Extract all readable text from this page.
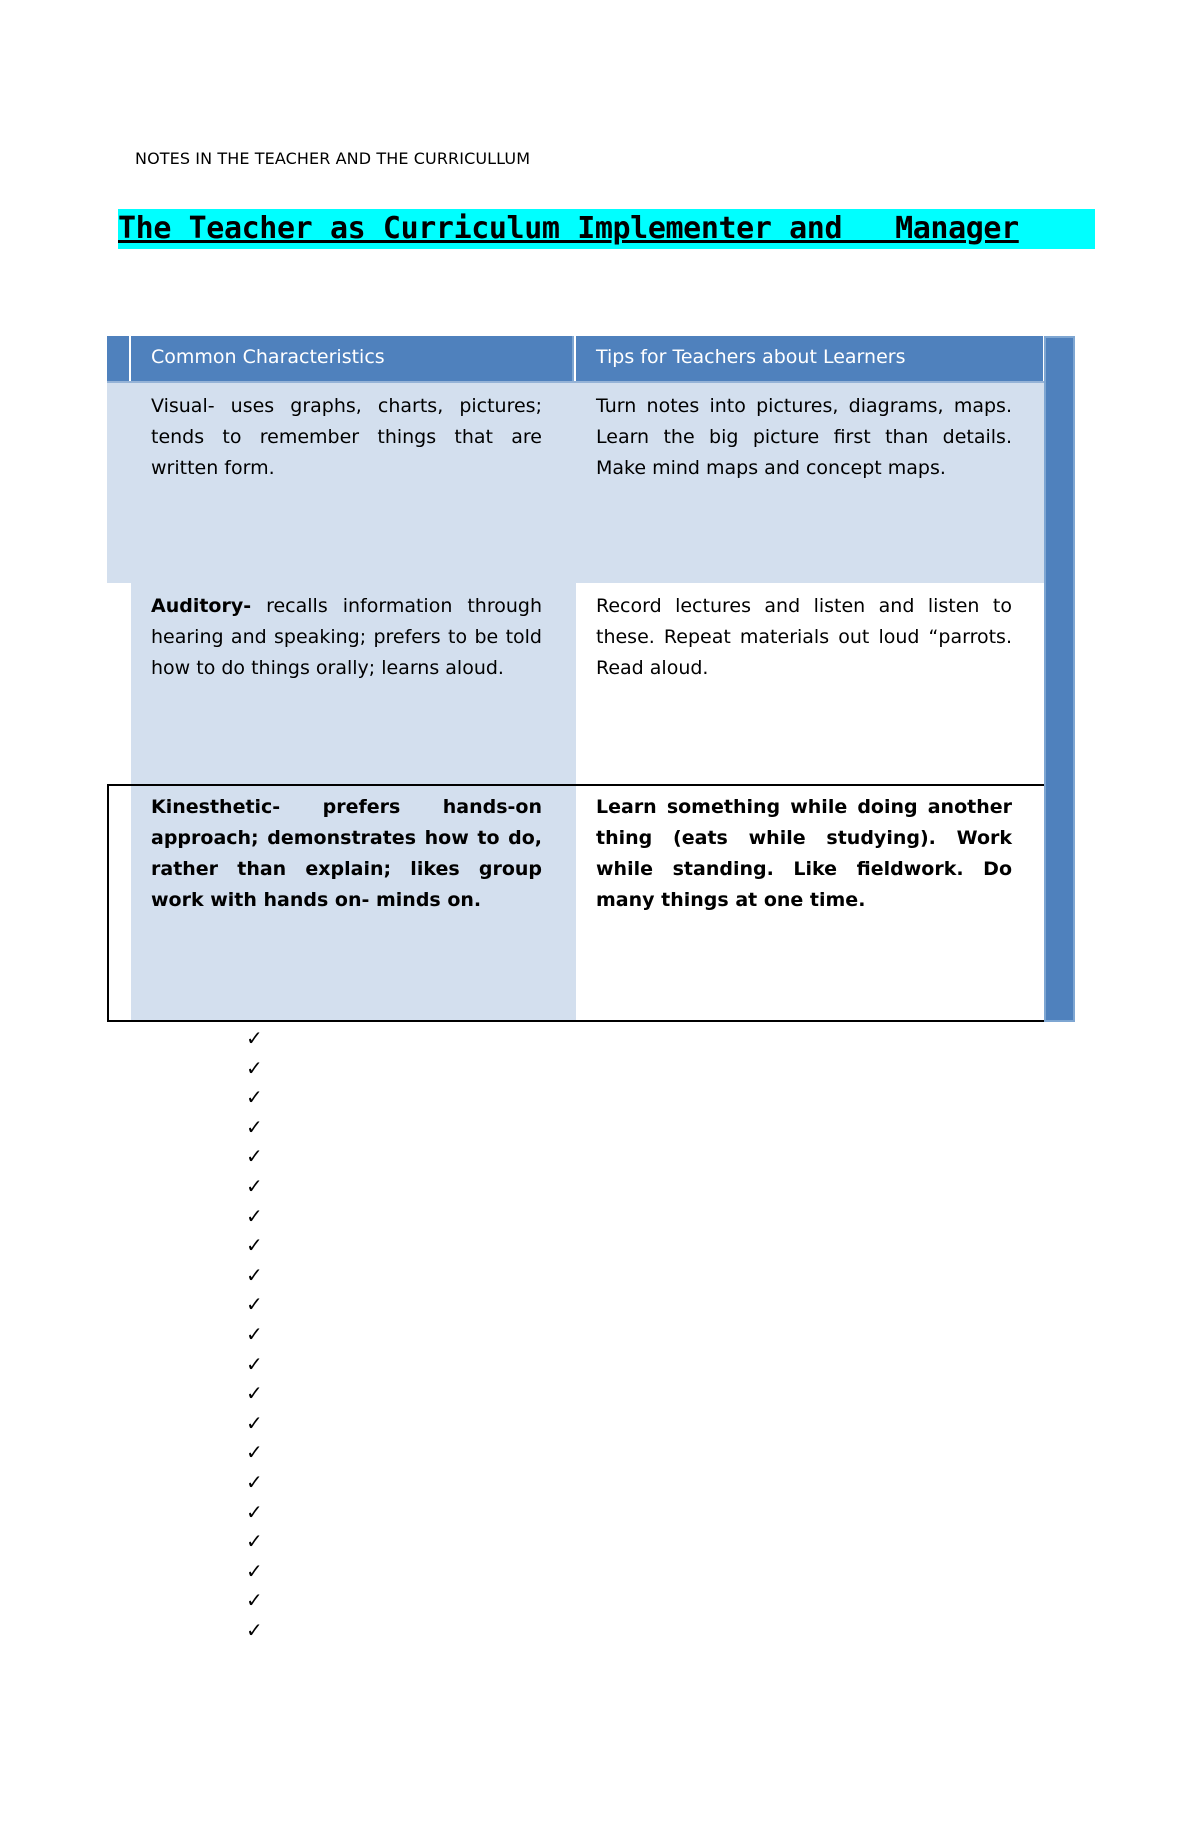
NOTES IN THE TEACHER AND THE CURRICULLUM
The Teacher as Curriculum Implementer and   Manager
Common Characteristics	Tips for Teachers about Learners

Visual- uses graphs, charts, pictures; tends to remember things that are written form.

Turn notes into pictures, diagrams, maps. Learn the big picture first than details. Make mind maps and concept maps.

Auditory- recalls information through hearing and speaking; prefers to be told how to do things orally; learns aloud.

Record lectures and listen and listen to these. Repeat materials out loud “parrots. Read aloud.

Kinesthetic- prefers hands-on approach; demonstrates how to do, rather than explain; likes group work with hands on- minds on.

Learn something while doing another thing (eats while studying). Work while standing. Like fieldwork. Do many things at one time.

✓
✓
✓
✓
✓
✓
✓
✓
✓
✓
✓
✓
✓
✓
✓
✓
✓
✓
✓
✓
✓
